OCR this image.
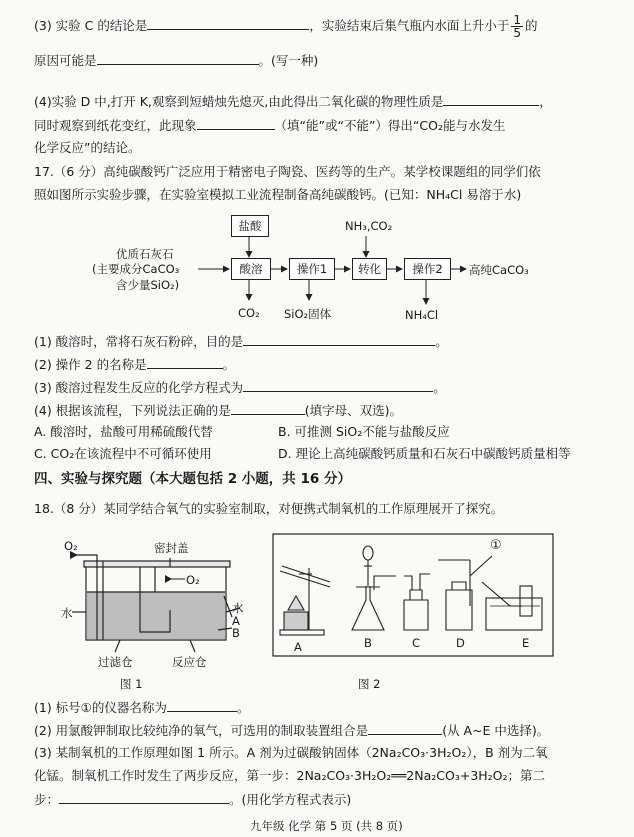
(3) 实验 C 的结论是	，实验结束后集气瓶内水面上升小于 $\frac{1}{5}$ 的
原因可能是	。(写一种)
(4)实验 D 中,打开 K,观察到短蜡烛先熄灭,由此得出二氧化碳的物理性质是	，
同时观察到纸花变红，此现象	（填“能”或“不能”）得出“CO₂能与水发生
化学反应”的结论。
17.（6 分）高纯碳酸钙广泛应用于精密电子陶瓷、医药等的生产。某学校课题组的同学们依
照如图所示实验步骤，在实验室模拟工业流程制备高纯碳酸钙。(已知：NH₄Cl 易溶于水)
盐酸	NH₃,CO₂
优质石灰石
(主要成分CaCO₃
含少量SiO₂)
酸溶	操作1	转化	操作2	高纯CaCO₃
CO₂ SiO₂固体	NH₄Cl
(1) 酸溶时，常将石灰石粉碎，目的是	。
(2) 操作 2 的名称是	。
(3) 酸溶过程发生反应的化学方程式为	。
(4) 根据该流程，下列说法正确的是	(填字母、双选)。
A. 酸溶时，盐酸可用稀硫酸代替	B. 可推测 SiO₂不能与盐酸反应
C. CO₂在该流程中不可循环使用	D. 理论上高纯碳酸钙质量和石灰石中碳酸钙质量相等
四、实验与探究题（本大题包括 2 小题，共 16 分）
18.（8 分）某同学结合氧气的实验室制取，对便携式制氧机的工作原理展开了探究。
O₂	密封盖
O₂
水	水
A
B
过滤仓	反应仓
图 1
①
A	B	C	D	E
图 2
(1) 标号①的仪器名称为	。
(2) 用氯酸钾制取比较纯净的氧气，可选用的制取装置组合是	(从 A~E 中选择)。
(3) 某制氧机的工作原理如图 1 所示。A 剂为过碳酸钠固体（2Na₂CO₃·3H₂O₂），B 剂为二氧
化锰。制氧机工作时发生了两步反应，第一步：2Na₂CO₃·3H₂O₂══2Na₂CO₃+3H₂O₂；第二
步：	。(用化学方程式表示)
九年级 化学 第 5 页 (共 8 页)
